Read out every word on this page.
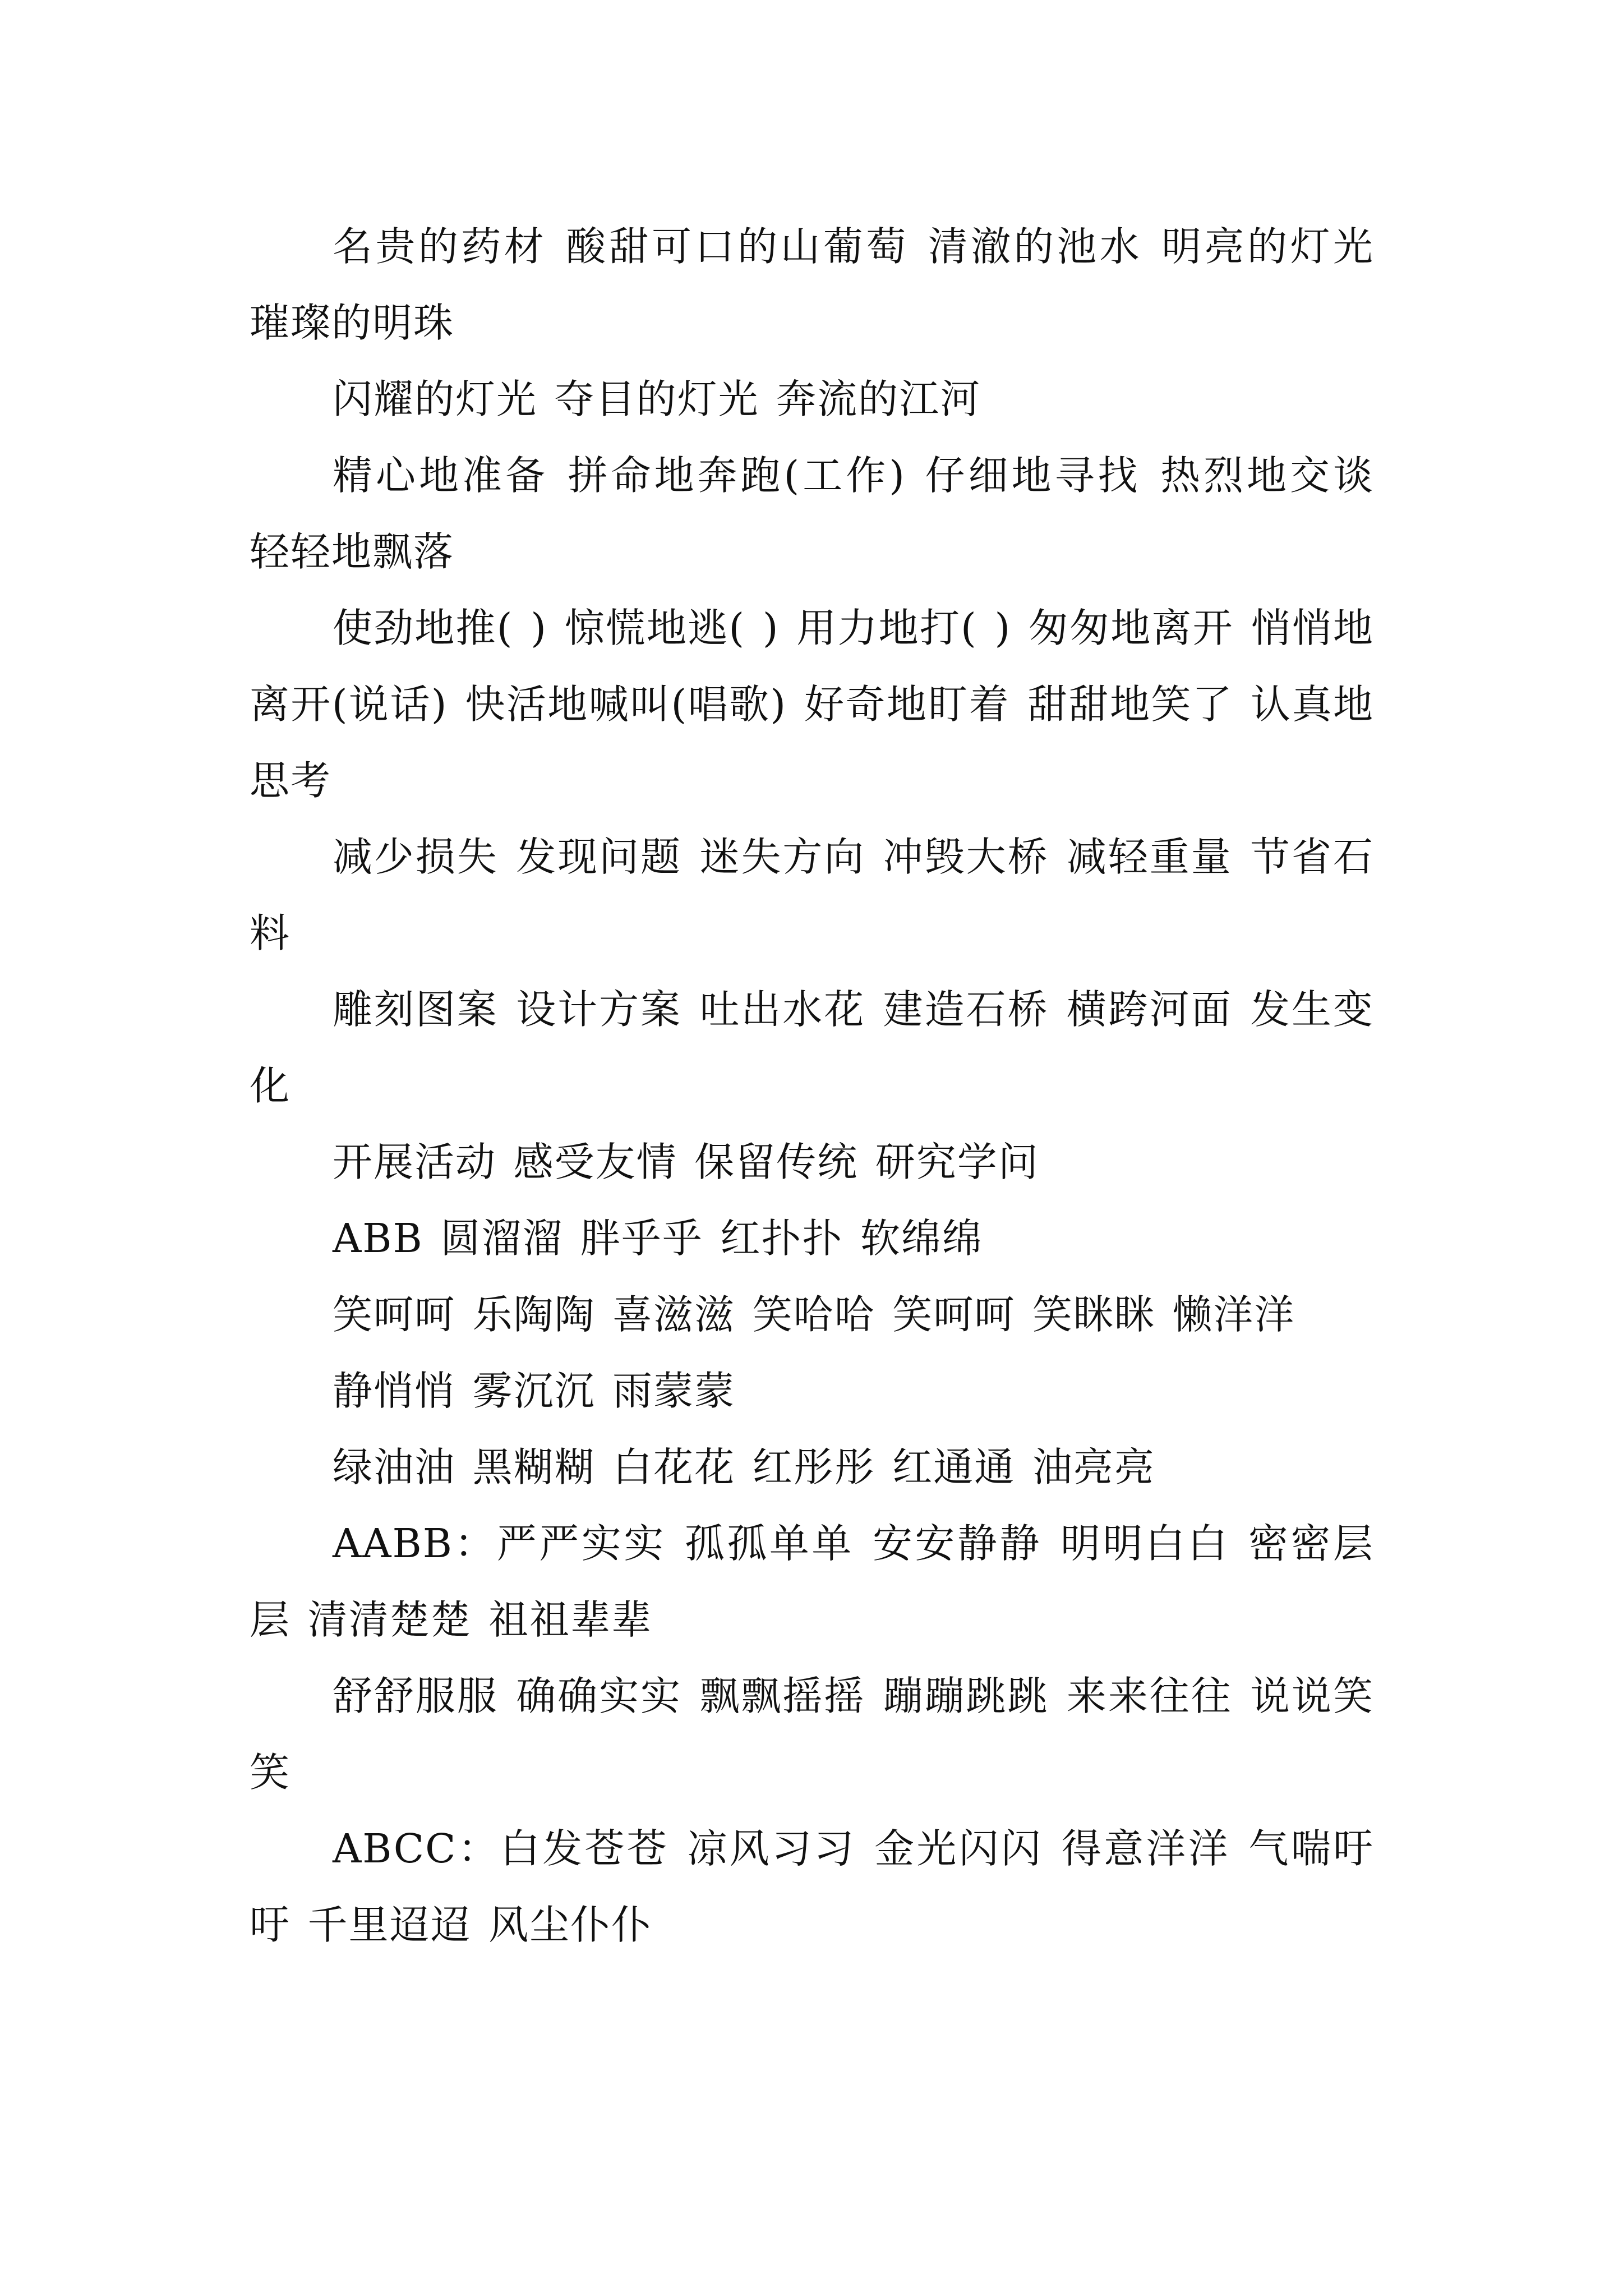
名贵的药材 酸甜可口的山葡萄 清澈的池水 明亮的灯光 璀璨的明珠

闪耀的灯光 夺目的灯光 奔流的江河

精心地准备 拼命地奔跑(工作) 仔细地寻找 热烈地交谈 轻轻地飘落

使劲地推( ) 惊慌地逃( ) 用力地打( ) 匆匆地离开 悄悄地离开(说话) 快活地喊叫(唱歌) 好奇地盯着 甜甜地笑了 认真地思考

减少损失 发现问题 迷失方向 冲毁大桥 减轻重量 节省石料

雕刻图案 设计方案 吐出水花 建造石桥 横跨河面 发生变化

开展活动 感受友情 保留传统 研究学问

ABB 圆溜溜 胖乎乎 红扑扑 软绵绵

笑呵呵 乐陶陶 喜滋滋 笑哈哈 笑呵呵 笑眯眯 懒洋洋

静悄悄 雾沉沉 雨蒙蒙

绿油油 黑糊糊 白花花 红彤彤 红通通 油亮亮

AABB：严严实实 孤孤单单 安安静静 明明白白 密密层层 清清楚楚 祖祖辈辈

舒舒服服 确确实实 飘飘摇摇 蹦蹦跳跳 来来往往 说说笑笑

ABCC：白发苍苍 凉风习习 金光闪闪 得意洋洋 气喘吁吁 千里迢迢 风尘仆仆
